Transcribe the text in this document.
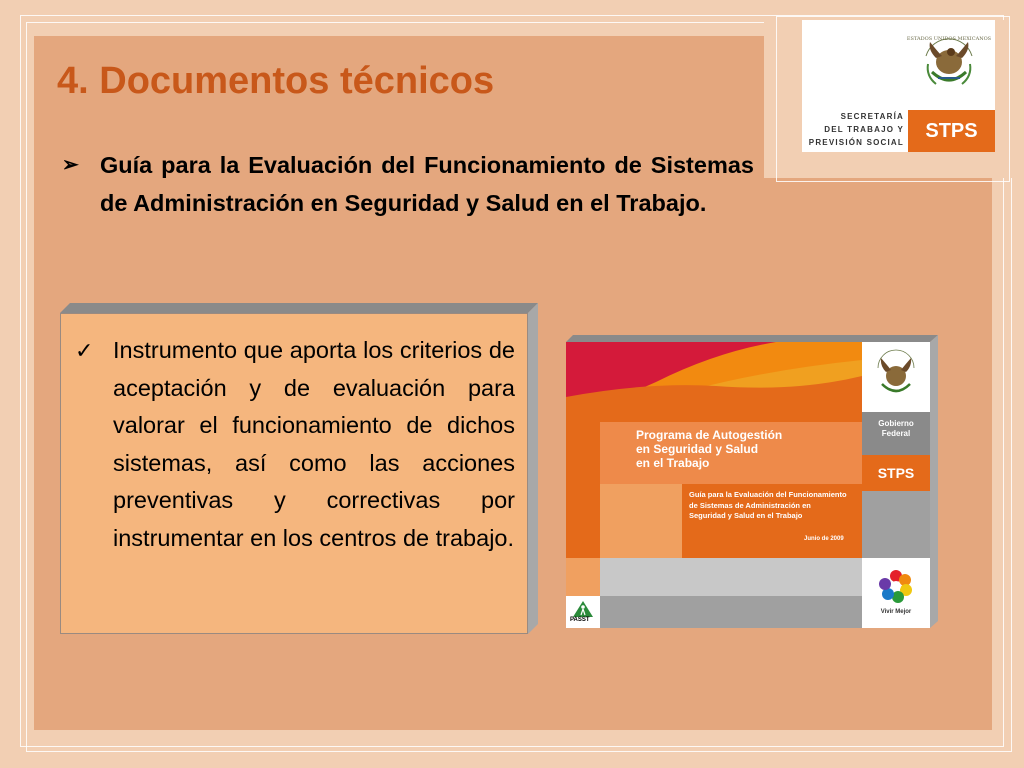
ESTADOS UNIDOS MEXICANOS
SECRETARÍA
DEL TRABAJO Y
PREVISIÓN SOCIAL
STPS
4. Documentos técnicos
➢ Guía para la Evaluación del Funcionamiento de Sistemas de Administración en Seguridad y Salud en el Trabajo.
✓ Instrumento que aporta los criterios de aceptación y de evaluación para valorar el funcionamiento de dichos sistemas, así como las acciones preventivas y correctivas por instrumentar en los centros de trabajo.
Programa de Autogestión
en Seguridad y Salud
en el Trabajo
Guía para la Evaluación del Funcionamiento
de Sistemas de Administración en
Seguridad y Salud en el Trabajo
Junio de 2009
Gobierno
Federal
STPS
Vivir Mejor
PASST
